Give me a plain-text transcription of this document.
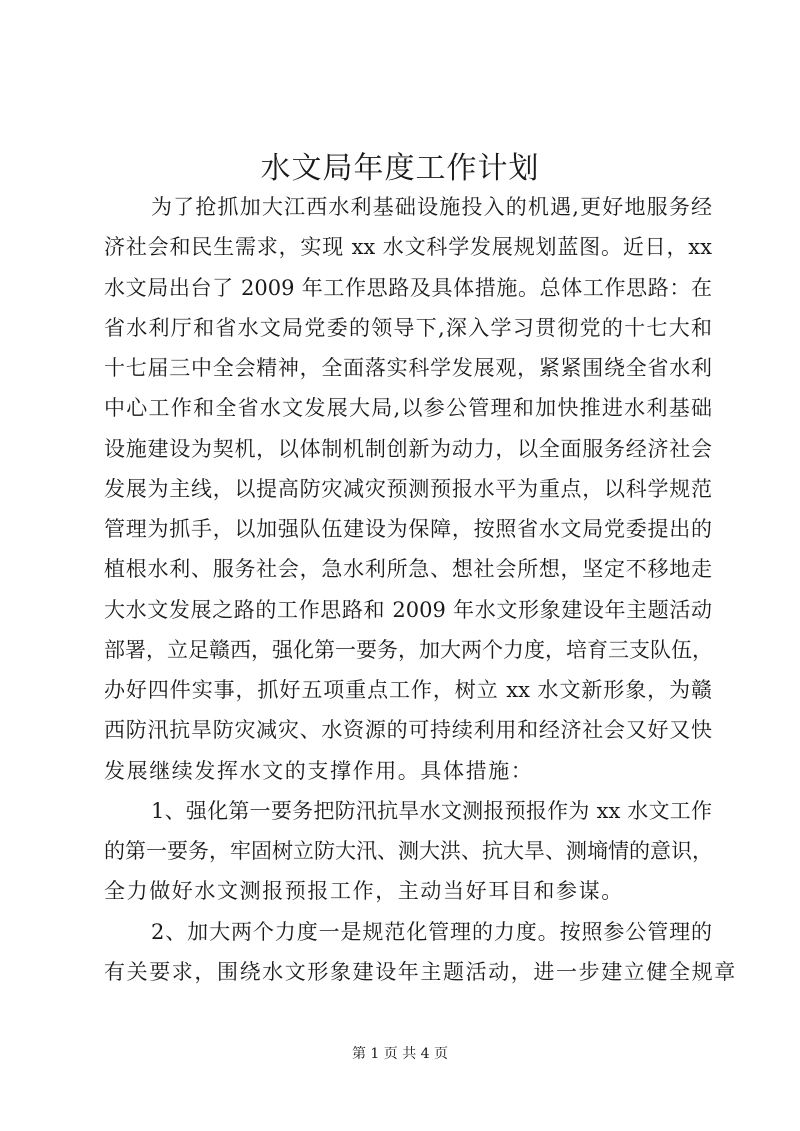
水文局年度工作计划
为了抢抓加大江西水利基础设施投入的机遇,更好地服务经
济社会和民生需求，实现 xx 水文科学发展规划蓝图。近日，xx
水文局出台了 2009 年工作思路及具体措施。总体工作思路：在
省水利厅和省水文局党委的领导下,深入学习贯彻党的十七大和
十七届三中全会精神，全面落实科学发展观，紧紧围绕全省水利
中心工作和全省水文发展大局,以参公管理和加快推进水利基础
设施建设为契机，以体制机制创新为动力，以全面服务经济社会
发展为主线，以提高防灾减灾预测预报水平为重点，以科学规范
管理为抓手，以加强队伍建设为保障，按照省水文局党委提出的
植根水利、服务社会，急水利所急、想社会所想，坚定不移地走
大水文发展之路的工作思路和 2009 年水文形象建设年主题活动
部署，立足赣西，强化第一要务，加大两个力度，培育三支队伍，
办好四件实事，抓好五项重点工作，树立 xx 水文新形象，为赣
西防汛抗旱防灾减灾、水资源的可持续利用和经济社会又好又快
发展继续发挥水文的支撑作用。具体措施：
1、强化第一要务把防汛抗旱水文测报预报作为 xx 水文工作
的第一要务，牢固树立防大汛、测大洪、抗大旱、测墒情的意识，
全力做好水文测报预报工作，主动当好耳目和参谋。
2、加大两个力度一是规范化管理的力度。按照参公管理的
有关要求，围绕水文形象建设年主题活动，进一步建立健全规章
第 1 页 共 4 页
